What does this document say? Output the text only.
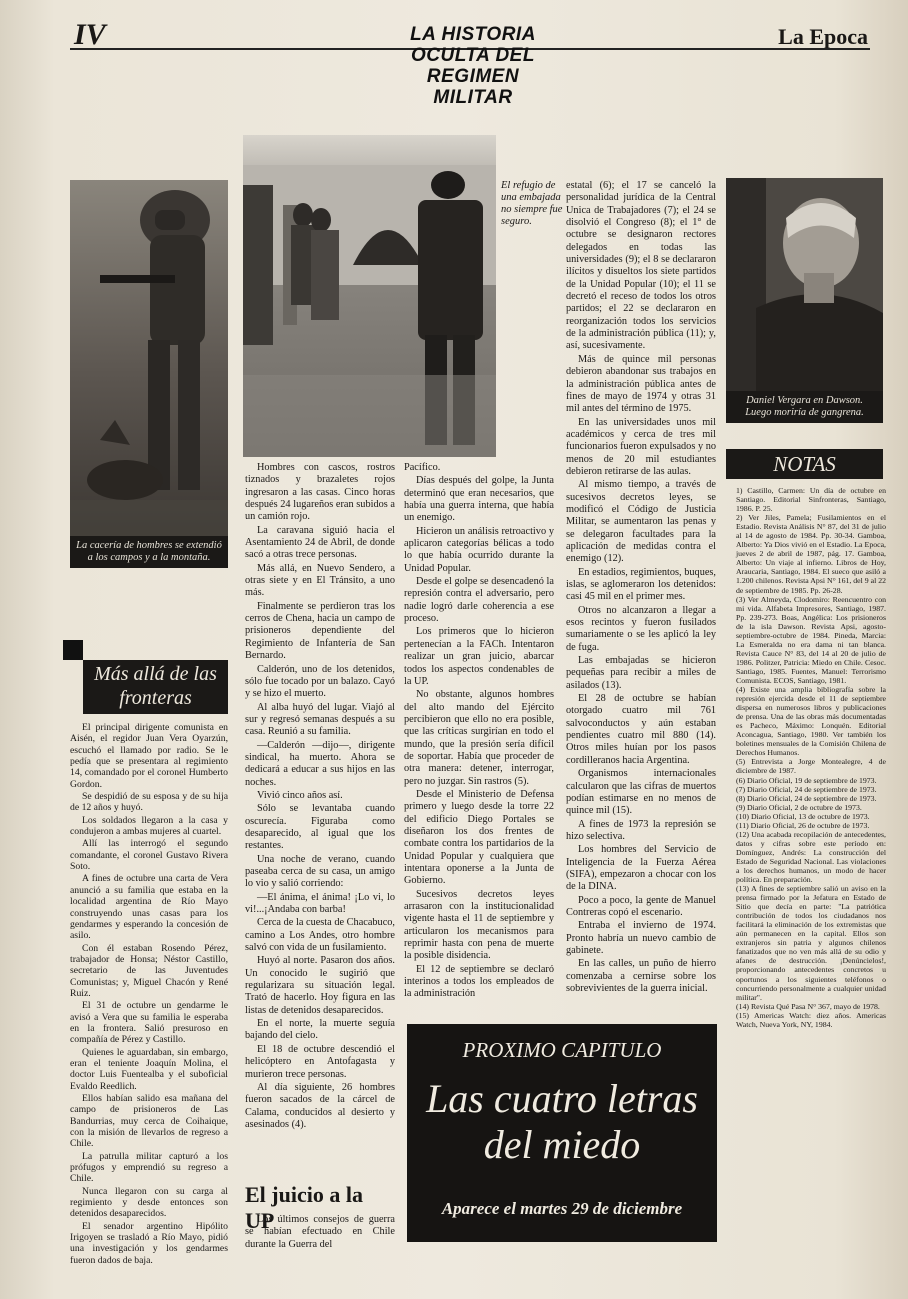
IV	La Epoca
LA HISTORIA
OCULTA DEL
REGIMEN
MILITAR
La cacería de hombres se extendió a los campos y a la montaña.
El refugio de una embajada no siempre fue seguro.
Daniel Vergara en Dawson. Luego moriría de gangrena.
Más allá de las fronteras

El principal dirigente comunista en Aisén, el regidor Juan Vera Oyarzún, escuchó el llamado por radio. Se le pedía que se presentara al regimiento 14, comandado por el coronel Humberto Gordon.

Se despidió de su esposa y de su hija de 12 años y huyó.

Los soldados llegaron a la casa y condujeron a ambas mujeres al cuartel.

Allí las interrogó el segundo comandante, el coronel Gustavo Rivera Soto.

A fines de octubre una carta de Vera anunció a su familia que estaba en la localidad argentina de Río Mayo construyendo unas casas para los gendarmes y esperando la concesión de asilo.

Con él estaban Rosendo Pérez, trabajador de Honsa; Néstor Castillo, secretario de las Juventudes Comunistas; y, Miguel Chacón y René Ruiz.

El 31 de octubre un gendarme le avisó a Vera que su familia le esperaba en la frontera. Salió presuroso en compañía de Pérez y Castillo.

Quienes le aguardaban, sin embargo, eran el teniente Joaquín Molina, el doctor Luis Fuentealba y el suboficial Evaldo Reedlich.

Ellos habían salido esa mañana del campo de prisioneros de Las Bandurrias, muy cerca de Coihaique, con la misión de llevarlos de regreso a Chile.

La patrulla militar capturó a los prófugos y emprendió su regreso a Chile.

Nunca llegaron con su carga al regimiento y desde entonces son detenidos desaparecidos.

El senador argentino Hipólito Irigoyen se trasladó a Río Mayo, pidió una investigación y los gendarmes fueron dados de baja.

Hombres con cascos, rostros tiznados y brazaletes rojos ingresaron a las casas. Cinco horas después 24 lugareños eran subidos a un camión rojo.

La caravana siguió hacia el Asentamiento 24 de Abril, de donde sacó a otras trece personas.

Más allá, en Nuevo Sendero, a otras siete y en El Tránsito, a uno más.

Finalmente se perdieron tras los cerros de Chena, hacia un campo de prisioneros dependiente del Regimiento de Infantería de San Bernardo.

Calderón, uno de los detenidos, sólo fue tocado por un balazo. Cayó y se hizo el muerto.

Al alba huyó del lugar. Viajó al sur y regresó semanas después a su casa. Reunió a su familia.

—Calderón —dijo—, dirigente sindical, ha muerto. Ahora se dedicará a educar a sus hijos en las noches.

Vivió cinco años así.

Sólo se levantaba cuando oscurecía. Figuraba como desaparecido, al igual que los restantes.

Una noche de verano, cuando paseaba cerca de su casa, un amigo lo vio y salió corriendo:

—El ánima, el ánima! ¡Lo vi, lo vi!...¡Andaba con barba!

Cerca de la cuesta de Chacabuco, camino a Los Andes, otro hombre salvó con vida de un fusilamiento.

Huyó al norte. Pasaron dos años. Un conocido le sugirió que regularizara su situación legal. Trató de hacerlo. Hoy figura en las listas de detenidos desaparecidos.

En el norte, la muerte seguía bajando del cielo.

El 18 de octubre descendió el helicóptero en Antofagasta y murieron trece personas.

Al día siguiente, 26 hombres fueron sacados de la cárcel de Calama, conducidos al desierto y asesinados (4).

El juicio a la UP

Los últimos consejos de guerra se habían efectuado en Chile durante la Guerra del

Pacífico.

Días después del golpe, la Junta determinó que eran necesarios, que había una guerra interna, que había un enemigo.

Hicieron un análisis retroactivo y aplicaron categorías bélicas a todo lo que había ocurrido durante la Unidad Popular.

Desde el golpe se desencadenó la represión contra el adversario, pero nadie logró darle coherencia a ese proceso.

Los primeros que lo hicieron pertenecían a la FACh. Intentaron realizar un gran juicio, abarcar todos los aspectos condenables de la UP.

No obstante, algunos hombres del alto mando del Ejército percibieron que ello no era posible, que las críticas surgirían en todo el mundo, que la presión sería difícil de soportar. Había que proceder de otra manera: detener, interrogar, pero no juzgar. Sin rastros (5).

Desde el Ministerio de Defensa primero y luego desde la torre 22 del edificio Diego Portales se diseñaron los dos frentes de combate contra los partidarios de la Unidad Popular y cualquiera que intentara oponerse a la Junta de Gobierno.

Sucesivos decretos leyes arrasaron con la institucionalidad vigente hasta el 11 de septiembre y articularon los mecanismos para reprimir hasta con pena de muerte la posible disidencia.

El 12 de septiembre se declaró interinos a todos los empleados de la administración

estatal (6); el 17 se canceló la personalidad jurídica de la Central Unica de Trabajadores (7); el 24 se disolvió el Congreso (8); el 1° de octubre se designaron rectores delegados en todas las universidades (9); el 8 se declararon ilícitos y disueltos los siete partidos de la Unidad Popular (10); el 11 se decretó el receso de todos los otros partidos; el 22 se declararon en reorganización todos los servicios de la administración pública (11); y, así, sucesivamente.

Más de quince mil personas debieron abandonar sus trabajos en la administración pública antes de fines de mayo de 1974 y otras 31 mil antes del término de 1975.

En las universidades unos mil académicos y cerca de tres mil funcionarios fueron expulsados y no menos de 20 mil estudiantes debieron retirarse de las aulas.

Al mismo tiempo, a través de sucesivos decretos leyes, se modificó el Código de Justicia Militar, se aumentaron las penas y se delegaron facultades para la aplicación de medidas contra el enemigo (12).

En estadios, regimientos, buques, islas, se aglomeraron los detenidos: casi 45 mil en el primer mes.

Otros no alcanzaron a llegar a esos recintos y fueron fusilados sumariamente o se les aplicó la ley de fuga.

Las embajadas se hicieron pequeñas para recibir a miles de asilados (13).

El 28 de octubre se habían otorgado cuatro mil 761 salvoconductos y aún estaban pendientes cuatro mil 880 (14). Otros miles huían por los pasos cordilleranos hacia Argentina.

Organismos internacionales calcularon que las cifras de muertos podían estimarse en no menos de quince mil (15).

A fines de 1973 la represión se hizo selectiva.

Los hombres del Servicio de Inteligencia de la Fuerza Aérea (SIFA), empezaron a chocar con los de la DINA.

Poco a poco, la gente de Manuel Contreras copó el escenario.

Entraba el invierno de 1974. Pronto habría un nuevo cambio de gabinete.

En las calles, un puño de hierro comenzaba a cernirse sobre los sobrevivientes de la guerra inicial.

NOTAS

1) Castillo, Carmen: Un día de octubre en Santiago. Editorial Sinfronteras, Santiago, 1986. P. 25.

2) Ver Jiles, Pamela; Fusilamientos en el Estadio. Revista Análisis N° 87, del 31 de julio al 14 de agosto de 1984. Pp. 30-34. Gamboa, Alberto: Ya Dios vivió en el Estadio. La Epoca, jueves 2 de abril de 1987, pág. 17. Gamboa, Alberto: Un viaje al infierno. Libros de Hoy, Araucaria, Santiago, 1984. El sueco que asiló a 1.200 chilenos. Revista Apsi N° 161, del 9 al 22 de septiembre de 1985. Pp. 26-28.

(3) Ver Almeyda, Clodomiro: Reencuentro con mi vida. Alfabeta Impresores, Santiago, 1987. Pp. 239-273. Boas, Angélica: Los prisioneros de la isla Dawson. Revista Apsi, agosto-septiembre-octubre de 1984. Pineda, Marcia: La Esmeralda no era dama ni tan blanca. Revista Cauce N° 83, del 14 al 20 de julio de 1986. Politzer, Patricia: Miedo en Chile. Cesoc. Santiago, 1985. Fuentes, Manuel: Terrorismo Comunista. ECOS, Santiago, 1981.

(4) Existe una amplia bibliografía sobre la represión ejercida desde el 11 de septiembre dispersa en numerosos libros y publicaciones de prensa. Una de las obras más documentadas es Pacheco, Máximo: Lonquén. Editorial Aconcagua, Santiago, 1980. Ver también los boletines mensuales de la Comisión Chilena de Derechos Humanos.

(5) Entrevista a Jorge Montealegre, 4 de diciembre de 1987.

(6) Diario Oficial, 19 de septiembre de 1973.

(7) Diario Oficial, 24 de septiembre de 1973.

(8) Diario Oficial, 24 de septiembre de 1973.

(9) Diario Oficial, 2 de octubre de 1973.

(10) Diario Oficial, 13 de octubre de 1973.

(11) Diario Oficial, 26 de octubre de 1973.

(12) Una acabada recopilación de antecedentes, datos y cifras sobre este período en: Domínguez, Andrés: La construcción del Estado de Seguridad Nacional. Las violaciones a los derechos humanos, un modo de hacer política. En preparación.

(13) A fines de septiembre salió un aviso en la prensa firmado por la Jefatura en Estado de Sitio que decía en parte: "La patriótica contribución de todos los ciudadanos nos facilitará la eliminación de los extremistas que aún permanecen en la capital. Ellos son extranjeros sin patria y algunos chilenos fanatizados que no ven más allá de su odio y afanes de destrucción. ¡Denúncielos!, proporcionando antecedentes concretos u oportunos a los siguientes teléfonos o concurriendo personalmente a cualquier unidad militar".

(14) Revista Qué Pasa N° 367, mayo de 1978.

(15) Americas Watch: diez años. Americas Watch, Nueva York, NY, 1984.

PROXIMO CAPITULO
Las cuatro letras
del miedo
Aparece el martes 29 de diciembre
